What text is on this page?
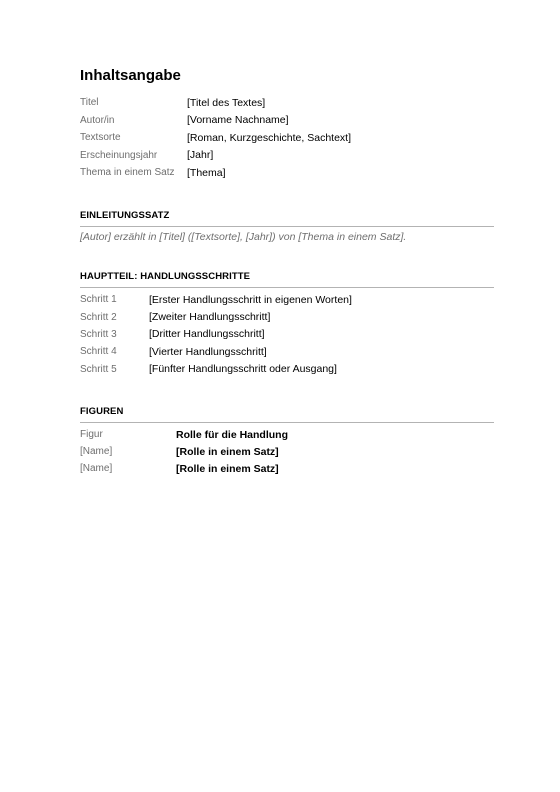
Inhaltsangabe
Titel	[Titel des Textes]
Autor/in	[Vorname Nachname]
Textsorte	[Roman, Kurzgeschichte, Sachtext]
Erscheinungsjahr	[Jahr]
Thema in einem Satz	[Thema]
EINLEITUNGSSATZ
[Autor] erzählt in [Titel] ([Textsorte], [Jahr]) von [Thema in einem Satz].
HAUPTTEIL: HANDLUNGSSCHRITTE
Schritt 1	[Erster Handlungsschritt in eigenen Worten]
Schritt 2	[Zweiter Handlungsschritt]
Schritt 3	[Dritter Handlungsschritt]
Schritt 4	[Vierter Handlungsschritt]
Schritt 5	[Fünfter Handlungsschritt oder Ausgang]
FIGUREN
Figur	Rolle für die Handlung
[Name]	[Rolle in einem Satz]
[Name]	[Rolle in einem Satz]
